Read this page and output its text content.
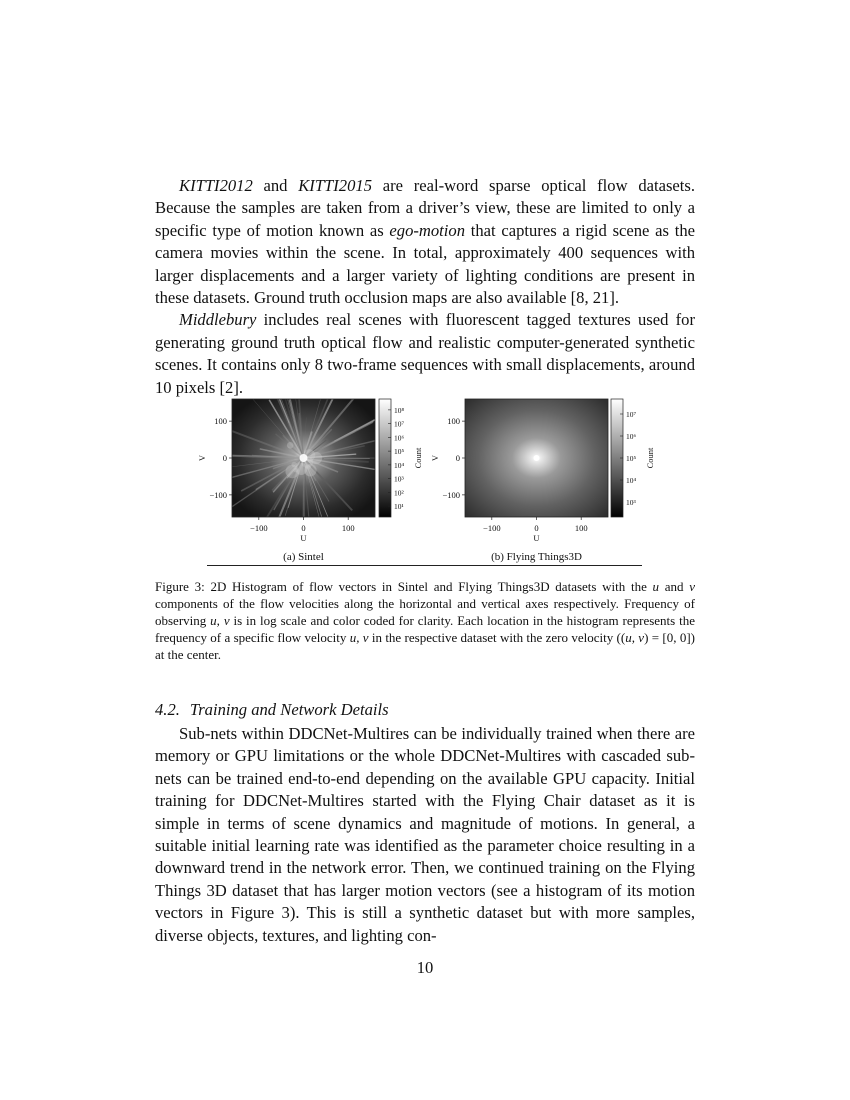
KITTI2012 and KITTI2015 are real-word sparse optical flow datasets. Because the samples are taken from a driver’s view, these are limited to only a specific type of motion known as ego-motion that captures a rigid scene as the camera movies within the scene. In total, approximately 400 sequences with larger displacements and a larger variety of lighting conditions are present in these datasets. Ground truth occlusion maps are also available [8, 21].

Middlebury includes real scenes with fluorescent tagged textures used for generating ground truth optical flow and realistic computer-generated synthetic scenes. It contains only 8 two-frame sequences with small displacements, around 10 pixels [2].

−100	0	100
100
0
−100
U
V
10⁸
10⁷
10⁶
10⁵
10⁴
10³
10²
10¹
Count
(a) Sintel
−100	0	100
100
0
−100
U
V
10⁷
10⁶
10⁵
10⁴
10³
Count
(b) Flying Things3D
Figure 3: 2D Histogram of flow vectors in Sintel and Flying Things3D datasets with the u and v components of the flow velocities along the horizontal and vertical axes respectively. Frequency of observing u, v is in log scale and color coded for clarity. Each location in the histogram represents the frequency of a specific flow velocity u, v in the respective dataset with the zero velocity ((u, v) = [0, 0]) at the center.
4.2. Training and Network Details

Sub-nets within DDCNet-Multires can be individually trained when there are memory or GPU limitations or the whole DDCNet-Multires with cascaded sub-nets can be trained end-to-end depending on the available GPU capacity. Initial training for DDCNet-Multires started with the Flying Chair dataset as it is simple in terms of scene dynamics and magnitude of motions. In general, a suitable initial learning rate was identified as the parameter choice resulting in a downward trend in the network error. Then, we continued training on the Flying Things 3D dataset that has larger motion vectors (see a histogram of its motion vectors in Figure 3). This is still a synthetic dataset but with more samples, diverse objects, textures, and lighting con-

10
